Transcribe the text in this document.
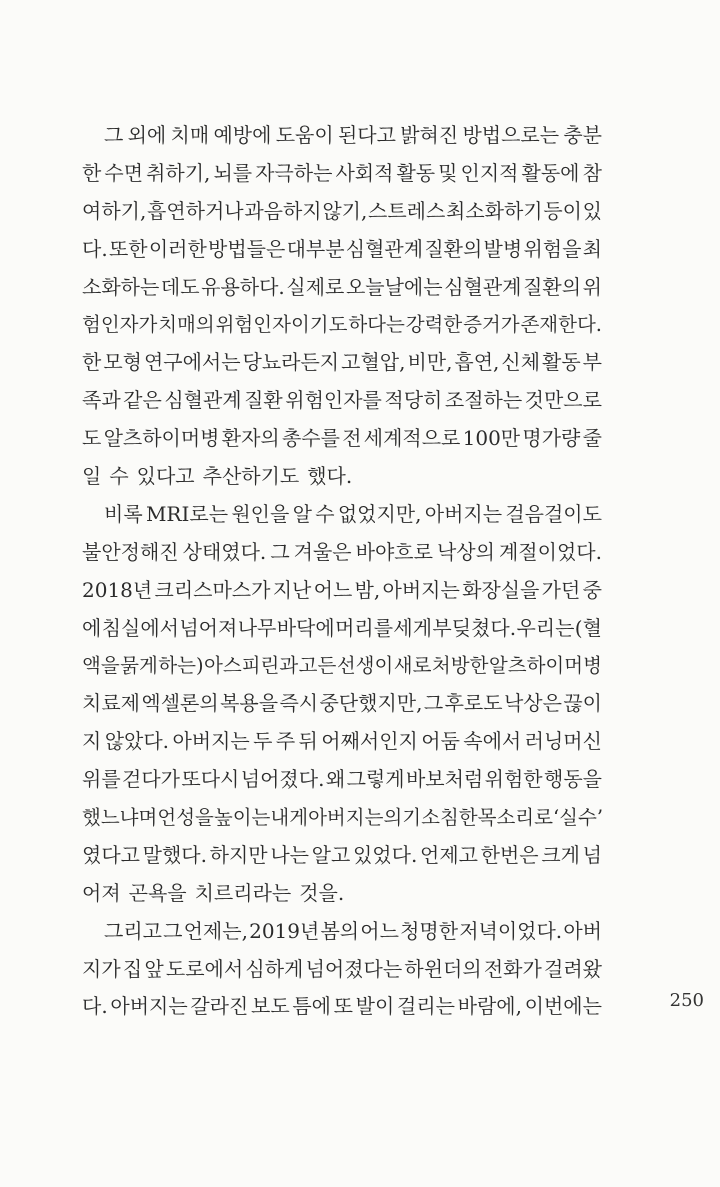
그 외에 치매 예방에 도움이 된다고 밝혀진 방법으로는 충분
한 수면 취하기, 뇌를 자극하는 사회적 활동 및 인지적 활동에 참
여하기, 흡연하거나 과음하지 않기, 스트레스 최소화하기 등이 있
다. 또한 이러한 방법들은 대부분 심혈관계 질환의 발병 위험을 최
소화하는 데도 유용하다. 실제로 오늘날에는 심혈관계 질환의 위
험인자가 치매의 위험인자이기도 하다는 강력한 증거가 존재한다.
한 모형 연구에서는 당뇨라든지 고혈압, 비만, 흡연, 신체 활동 부
족과 같은 심혈관계 질환 위험인자를 적당히 조절하는 것만으로
도 알츠하이머병 환자의 총수를 전 세계적으로 100만 명가량 줄
일 수 있다고 추산하기도 했다.
비록 MRI로는 원인을 알 수 없었지만, 아버지는 걸음걸이도
불안정해진 상태였다. 그 겨울은 바야흐로 낙상의 계절이었다.
2018년 크리스마스가 지난 어느 밤, 아버지는 화장실을 가던 중
에 침실에서 넘어져 나무 바닥에 머리를 세게 부딪쳤다. 우리는 (혈
액을 묽게 하는) 아스피린과 고든 선생이 새로 처방한 알츠하이머병
치료제 엑셀론의 복용을 즉시 중단했지만, 그 후로도 낙상은 끊이
지 않았다. 아버지는 두 주 뒤 어째서인지 어둠 속에서 러닝머신
위를 걷다가 또다시 넘어졌다. 왜 그렇게 바보처럼 위험한 행동을
했느냐며 언성을 높이는 내게 아버지는 의기소침한 목소리로 ‘실수’
였다고 말했다. 하지만 나는 알고 있었다. 언제고 한번은 크게 넘
어져 곤욕을 치르리라는 것을.
그리고 그 언제는, 2019년 봄의 어느 청명한 저녁이었다. 아버
지가 집 앞 도로에서 심하게 넘어졌다는 하윈더의 전화가 걸려왔
다. 아버지는 갈라진 보도 틈에 또 발이 걸리는 바람에, 이번에는	250
